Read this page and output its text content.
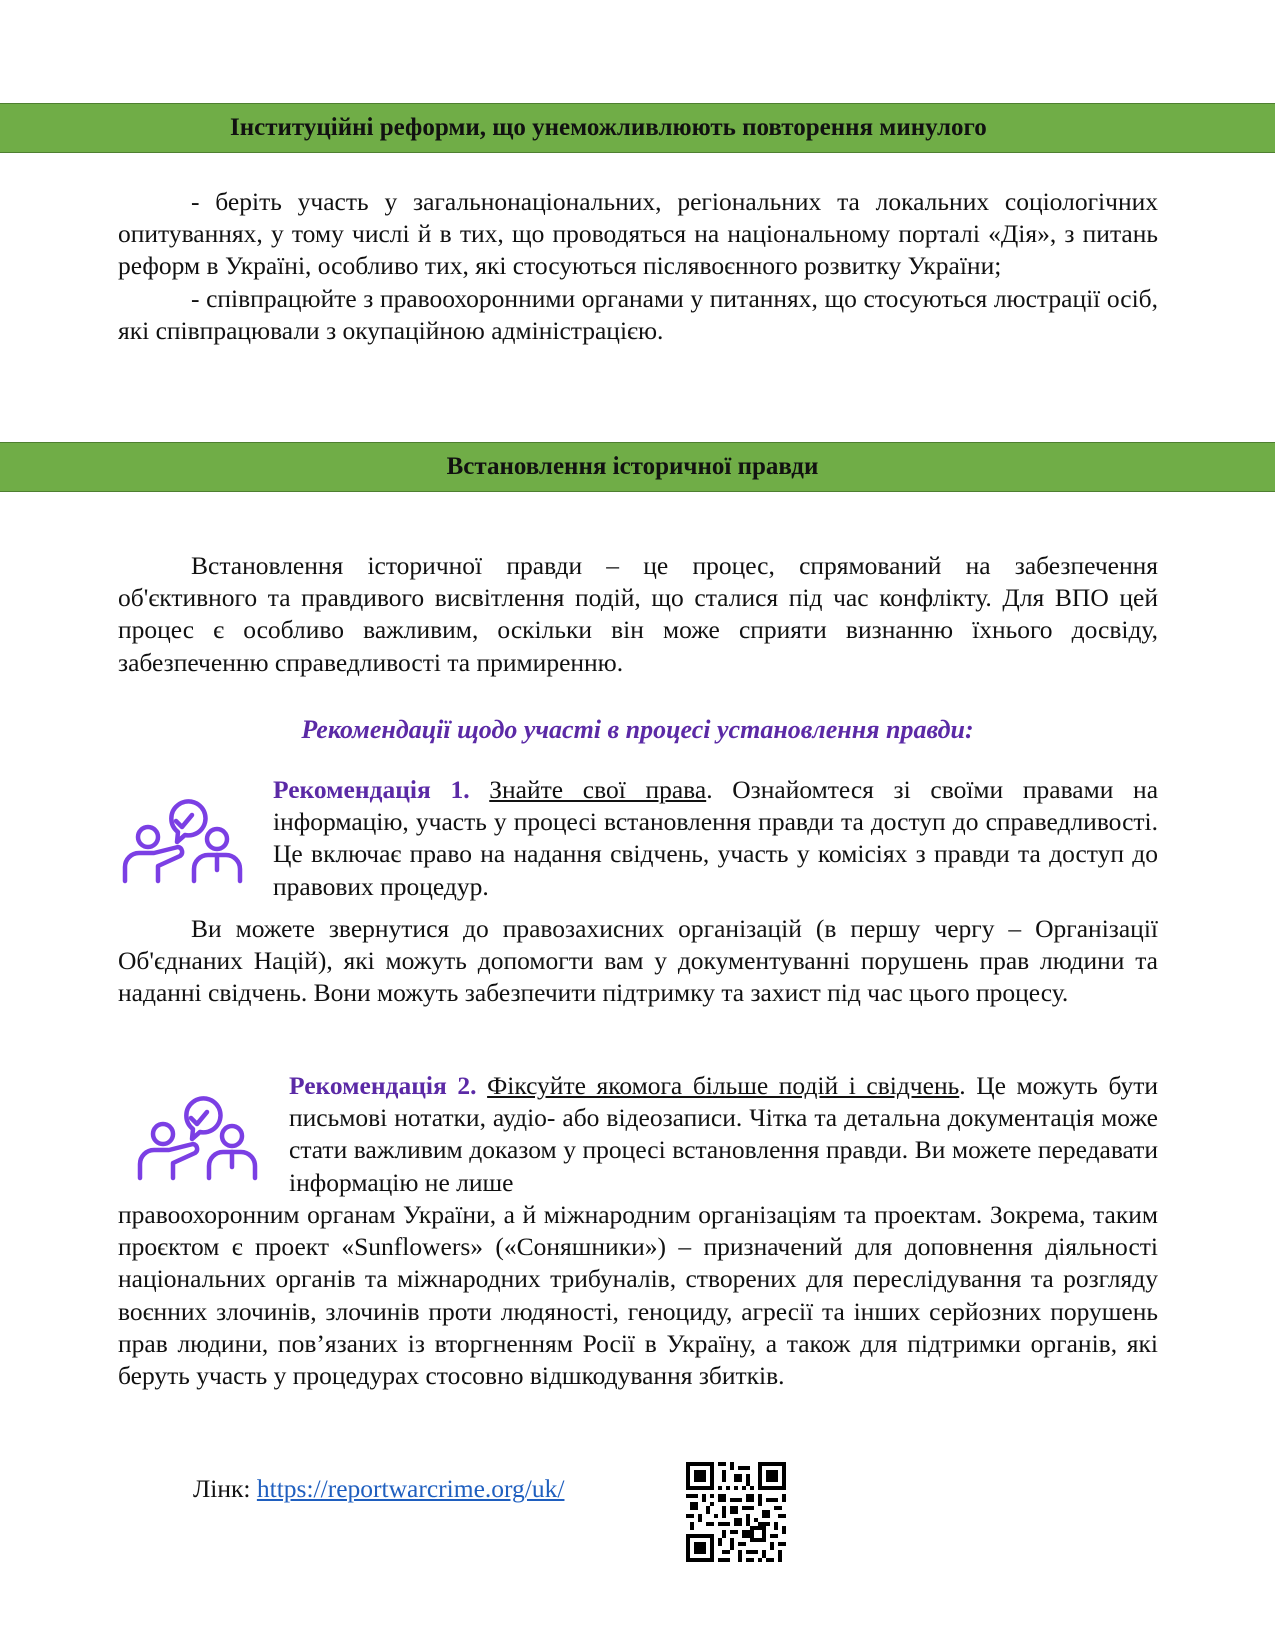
Інституційні реформи, що унеможливлюють повторення минулого

- беріть участь у загальнонаціональних, регіональних та локальних соціологічних опитуваннях, у тому числі й в тих, що проводяться на національному порталі «Дія», з питань реформ в Україні, особливо тих, які стосуються післявоєнного розвитку України;

- співпрацюйте з правоохоронними органами у питаннях, що стосуються люстрації осіб, які співпрацювали з окупаційною адміністрацією.

Встановлення історичної правди

Встановлення історичної правди – це процес, спрямований на забезпечення об'єктивного та правдивого висвітлення подій, що сталися під час конфлікту. Для ВПО цей процес є особливо важливим, оскільки він може сприяти визнанню їхнього досвіду, забезпеченню справедливості та примиренню.

Рекомендації щодо участі в процесі установлення правди:

Рекомендація 1. Знайте свої права. Ознайомтеся зі своїми правами на інформацію, участь у процесі встановлення правди та доступ до справедливості. Це включає право на надання свідчень, участь у комісіях з правди та доступ до правових процедур.

Ви можете звернутися до правозахисних організацій (в першу чергу – Організації Об'єднаних Націй), які можуть допомогти вам у документуванні порушень прав людини та наданні свідчень. Вони можуть забезпечити підтримку та захист під час цього процесу.

Рекомендація 2. Фіксуйте якомога більше подій і свідчень. Це можуть бути письмові нотатки, аудіо- або відеозаписи. Чітка та детальна документація може стати важливим доказом у процесі встановлення правди. Ви можете передавати інформацію не лише

правоохоронним органам України, а й міжнародним організаціям та проектам. Зокрема, таким проєктом є проект «Sunflowers» («Соняшники») – призначений для доповнення діяльності національних органів та міжнародних трибуналів, створених для переслідування та розгляду воєнних злочинів, злочинів проти людяності, геноциду, агресії та інших серйозних порушень прав людини, пов’язаних із вторгненням Росії в Україну, а також для підтримки органів, які беруть участь у процедурах стосовно відшкодування збитків.

Лінк: https://reportwarcrime.org/uk/
